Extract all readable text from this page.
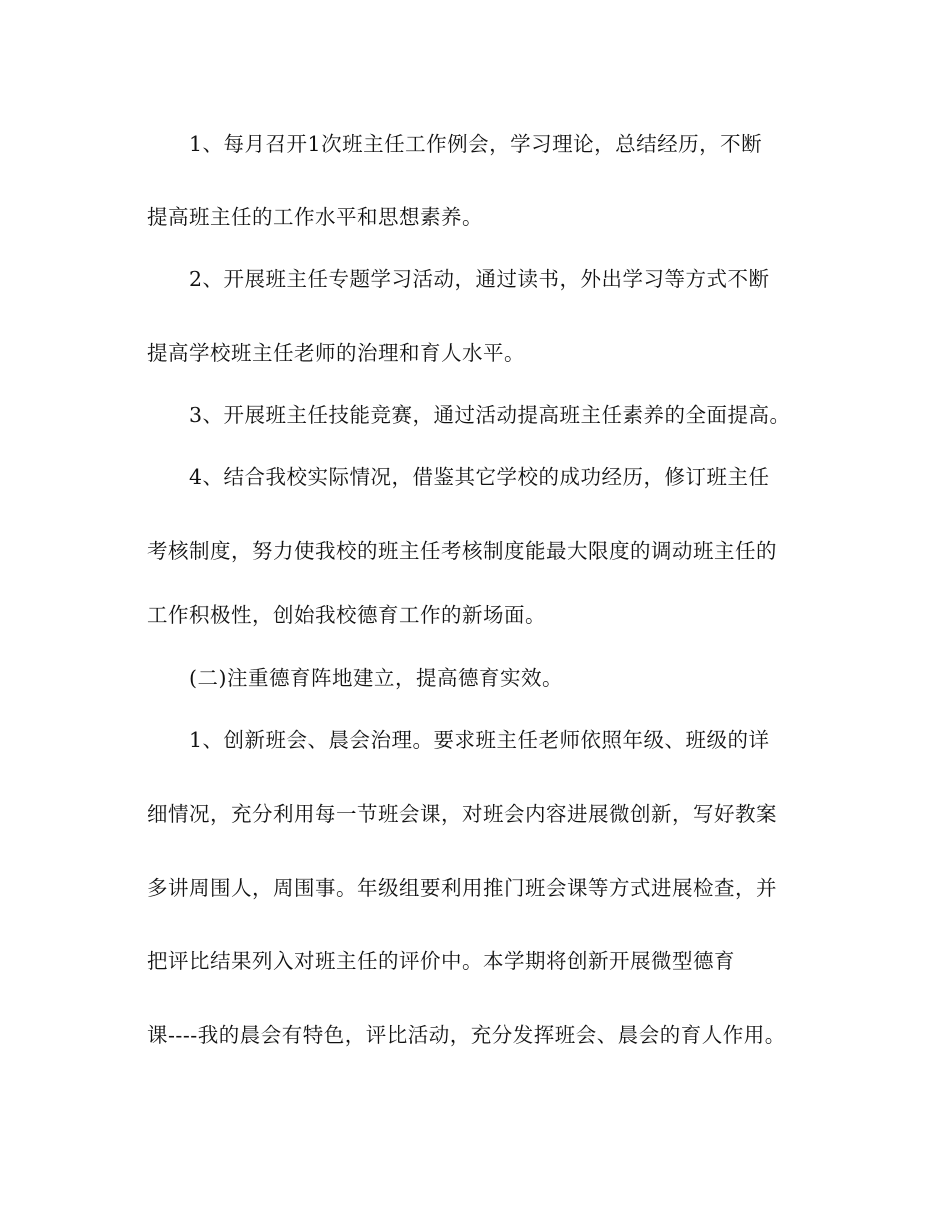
1、每月召开1次班主任工作例会，学习理论，总结经历，不断

提高班主任的工作水平和思想素养。

2、开展班主任专题学习活动，通过读书，外出学习等方式不断

提高学校班主任老师的治理和育人水平。

3、开展班主任技能竞赛，通过活动提高班主任素养的全面提高。

4、结合我校实际情况，借鉴其它学校的成功经历，修订班主任

考核制度，努力使我校的班主任考核制度能最大限度的调动班主任的

工作积极性，创始我校德育工作的新场面。

(二)注重德育阵地建立，提高德育实效。

1、创新班会、晨会治理。要求班主任老师依照年级、班级的详

细情况，充分利用每一节班会课，对班会内容进展微创新，写好教案

多讲周围人，周围事。年级组要利用推门班会课等方式进展检查，并

把评比结果列入对班主任的评价中。本学期将创新开展微型德育

课----我的晨会有特色，评比活动，充分发挥班会、晨会的育人作用。
